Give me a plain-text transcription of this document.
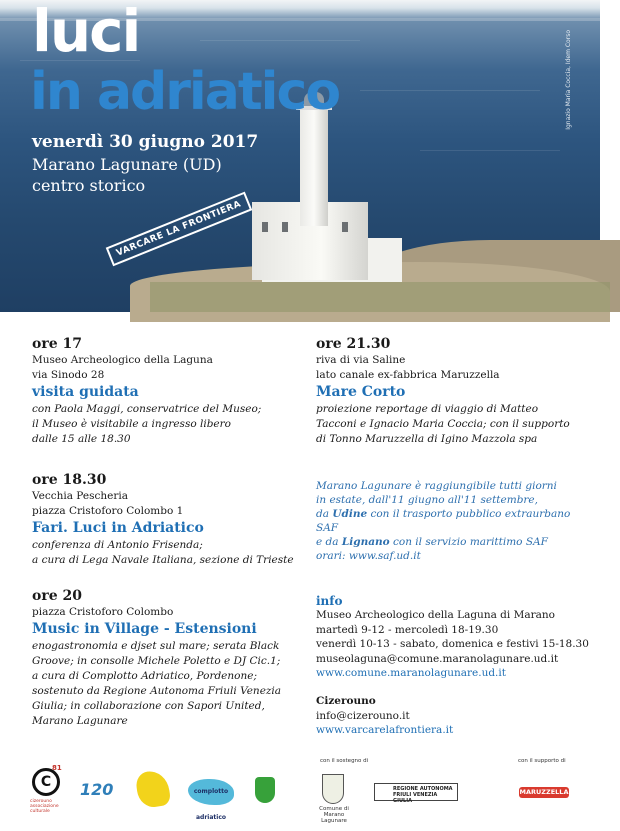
luci
in adriatico
venerdì 30 giugno 2017
Marano Lagunare (UD)
centro storico
VARCARE LA FRONTIERA
Ignazio Maria Coccia, Idem Corso
ore 17
Museo Archeologico della Laguna
via Sinodo 28
visita guidata
con Paola Maggi, conservatrice del Museo;
il Museo è visitabile a ingresso libero
dalle 15 alle 18.30
ore 18.30
Vecchia Pescheria
piazza Cristoforo Colombo 1
Fari. Luci in Adriatico
conferenza di Antonio Frisenda;
a cura di Lega Navale Italiana, sezione di Trieste
ore 20
piazza Cristoforo Colombo
Music in Village - Estensioni
enogastronomia e djset sul mare; serata Black
Groove; in consolle Michele Poletto e DJ Cic.1;
a cura di Complotto Adriatico, Pordenone;
sostenuto da Regione Autonoma Friuli Venezia
Giulia; in collaborazione con Sapori United,
Marano Lagunare
ore 21.30
riva di via Saline
lato canale ex-fabbrica Maruzzella
Mare Corto
proiezione reportage di viaggio di Matteo
Tacconi e Ignacio Maria Coccia; con il supporto
di Tonno Maruzzella di Igino Mazzola spa
Marano Lagunare è raggiungibile tutti giorni
in estate, dall'11 giugno all'11 settembre,
da Udine con il trasporto pubblico extraurbano SAF
e da Lignano con il servizio marittimo SAF
orari: www.saf.ud.it
info
Museo Archeologico della Laguna di Marano
martedì 9-12 - mercoledì 18-19.30
venerdì 10-13 - sabato, domenica e festivi 15-18.30
museolaguna@comune.maranolagunare.ud.it
www.comune.maranolagunare.ud.it
Cizerouno
info@cizerouno.it
www.varcarelafrontiera.it
con il sostegno di	con il supporto di
C
81
cizerouno associazione culturale
120	complotto adriatico
Comune di Marano Lagunare
REGIONE AUTONOMA FRIULI VENEZIA GIULIA
MARUZZELLA
